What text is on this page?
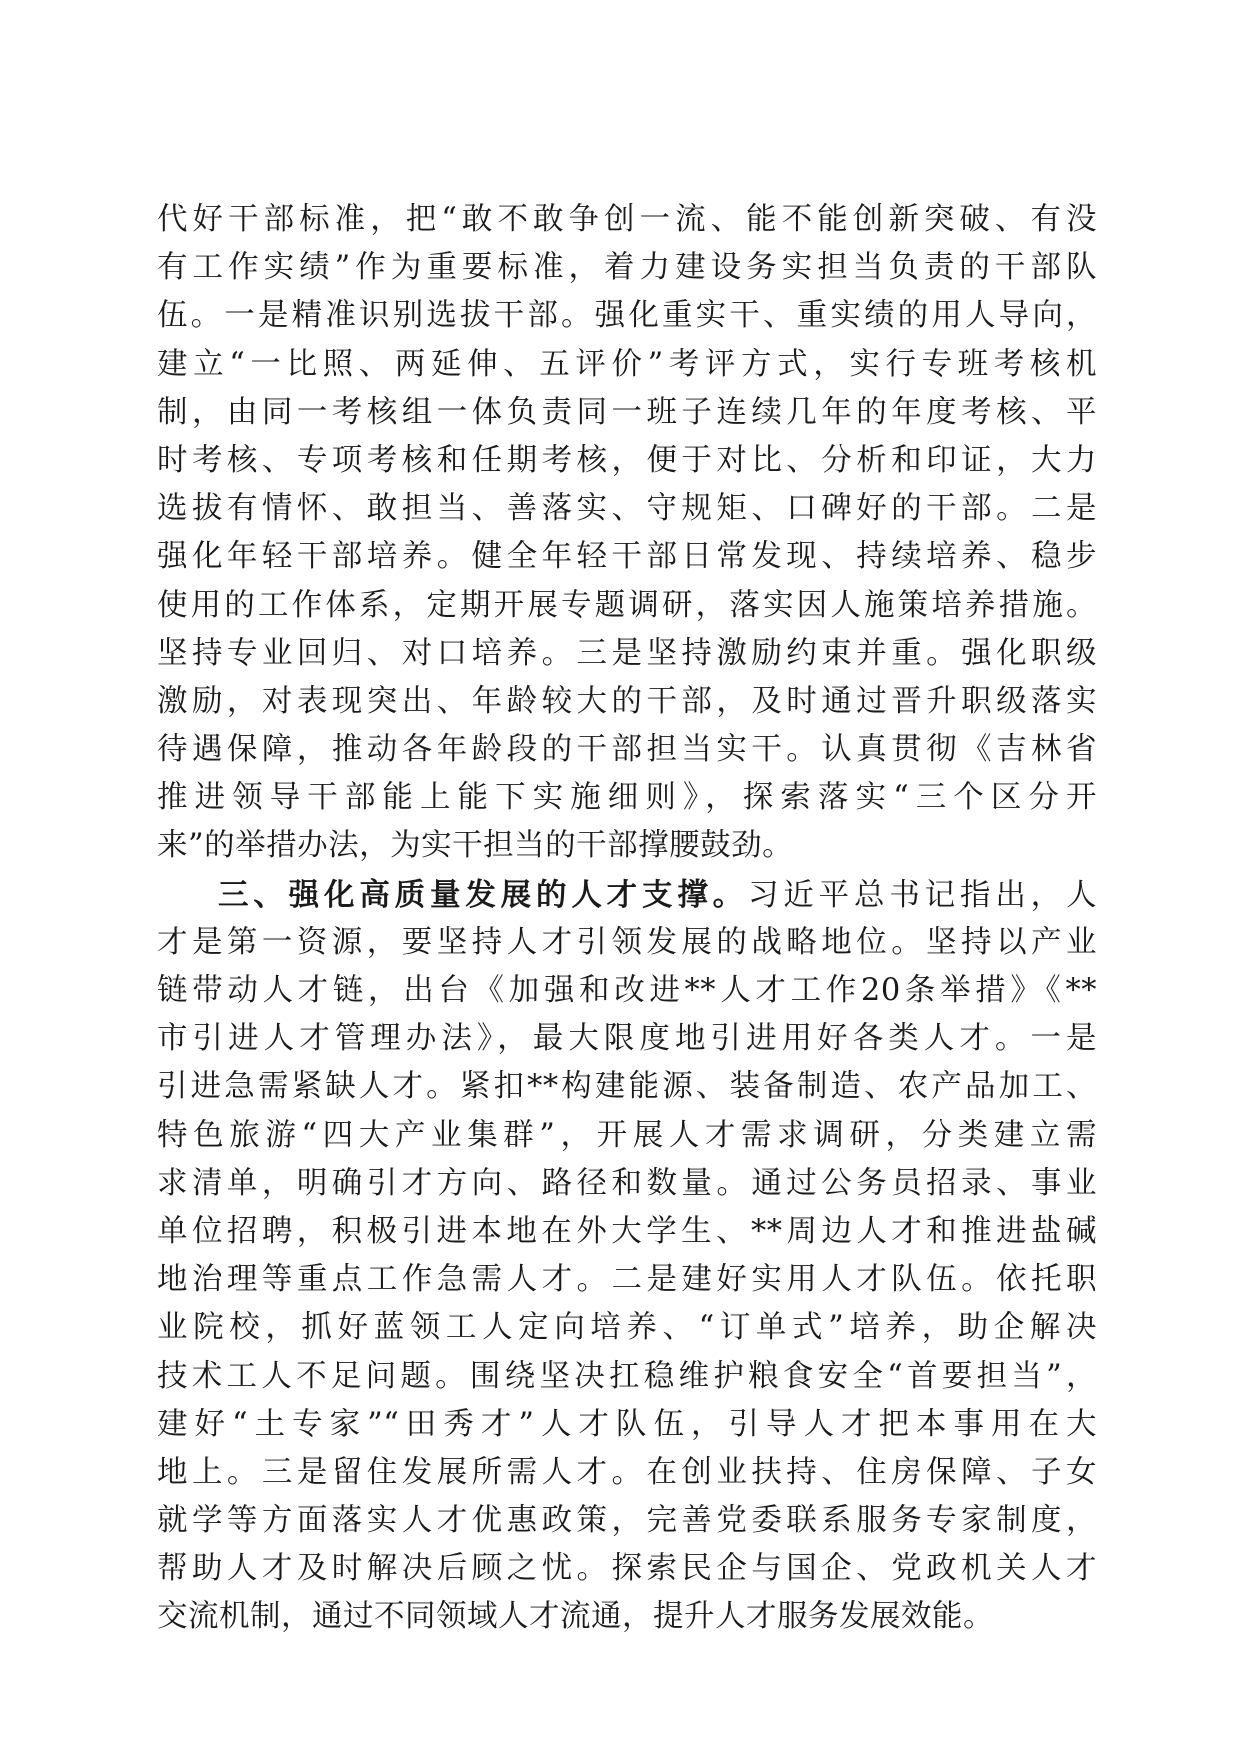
代好干部标准，把“敢不敢争创一流、能不能创新突破、有没
有工作实绩”作为重要标准，着力建设务实担当负责的干部队
伍。一是精准识别选拔干部。强化重实干、重实绩的用人导向，
建立“一比照、两延伸、五评价”考评方式，实行专班考核机
制，由同一考核组一体负责同一班子连续几年的年度考核、平
时考核、专项考核和任期考核，便于对比、分析和印证，大力
选拔有情怀、敢担当、善落实、守规矩、口碑好的干部。二是
强化年轻干部培养。健全年轻干部日常发现、持续培养、稳步
使用的工作体系，定期开展专题调研，落实因人施策培养措施。
坚持专业回归、对口培养。三是坚持激励约束并重。强化职级
激励，对表现突出、年龄较大的干部，及时通过晋升职级落实
待遇保障，推动各年龄段的干部担当实干。认真贯彻《吉林省
推进领导干部能上能下实施细则》，探索落实“三个区分开
来”的举措办法，为实干担当的干部撑腰鼓劲。
三、强化高质量发展的人才支撑。习近平总书记指出，人
才是第一资源，要坚持人才引领发展的战略地位。坚持以产业
链带动人才链，出台《加强和改进**人才工作20条举措》《**
市引进人才管理办法》，最大限度地引进用好各类人才。一是
引进急需紧缺人才。紧扣**构建能源、装备制造、农产品加工、
特色旅游“四大产业集群”，开展人才需求调研，分类建立需
求清单，明确引才方向、路径和数量。通过公务员招录、事业
单位招聘，积极引进本地在外大学生、**周边人才和推进盐碱
地治理等重点工作急需人才。二是建好实用人才队伍。依托职
业院校，抓好蓝领工人定向培养、“订单式”培养，助企解决
技术工人不足问题。围绕坚决扛稳维护粮食安全“首要担当”，
建好“土专家”“田秀才”人才队伍，引导人才把本事用在大
地上。三是留住发展所需人才。在创业扶持、住房保障、子女
就学等方面落实人才优惠政策，完善党委联系服务专家制度，
帮助人才及时解决后顾之忧。探索民企与国企、党政机关人才
交流机制，通过不同领域人才流通，提升人才服务发展效能。
